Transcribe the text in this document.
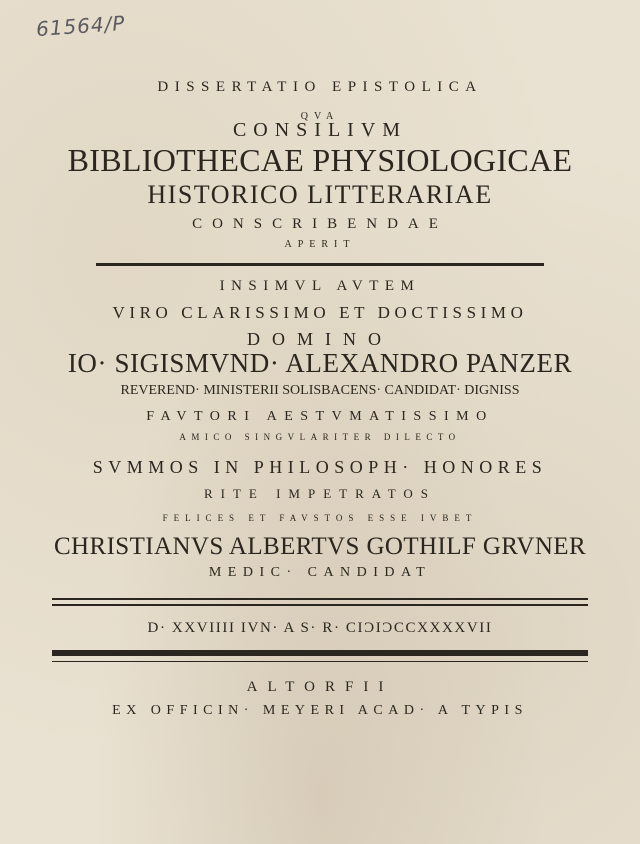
61564/P
DISSERTATIO EPISTOLICA
QVA
CONSILIVM
BIBLIOTHECAE PHYSIOLOGICAE
HISTORICO LITTERARIAE
CONSCRIBENDAE
APERIT
INSIMVL AVTEM
VIRO CLARISSIMO ET DOCTISSIMO
DOMINO
IO· SIGISMVND· ALEXANDRO PANZER
REVEREND· MINISTERII SOLISBACENS· CANDIDAT· DIGNISS
FAVTORI AESTVMATISSIMO
AMICO SINGVLARITER DILECTO
SVMMOS IN PHILOSOPH· HONORES
RITE IMPETRATOS
FELICES ET FAVSTOS ESSE IVBET
CHRISTIANVS ALBERTVS GOTHILF GRVNER
MEDIC· CANDIDAT
D· XXVIIII IVN· A S· R· CIƆIƆCCXXXXVII
ALTORFII
EX OFFICIN· MEYERI ACAD· A TYPIS
